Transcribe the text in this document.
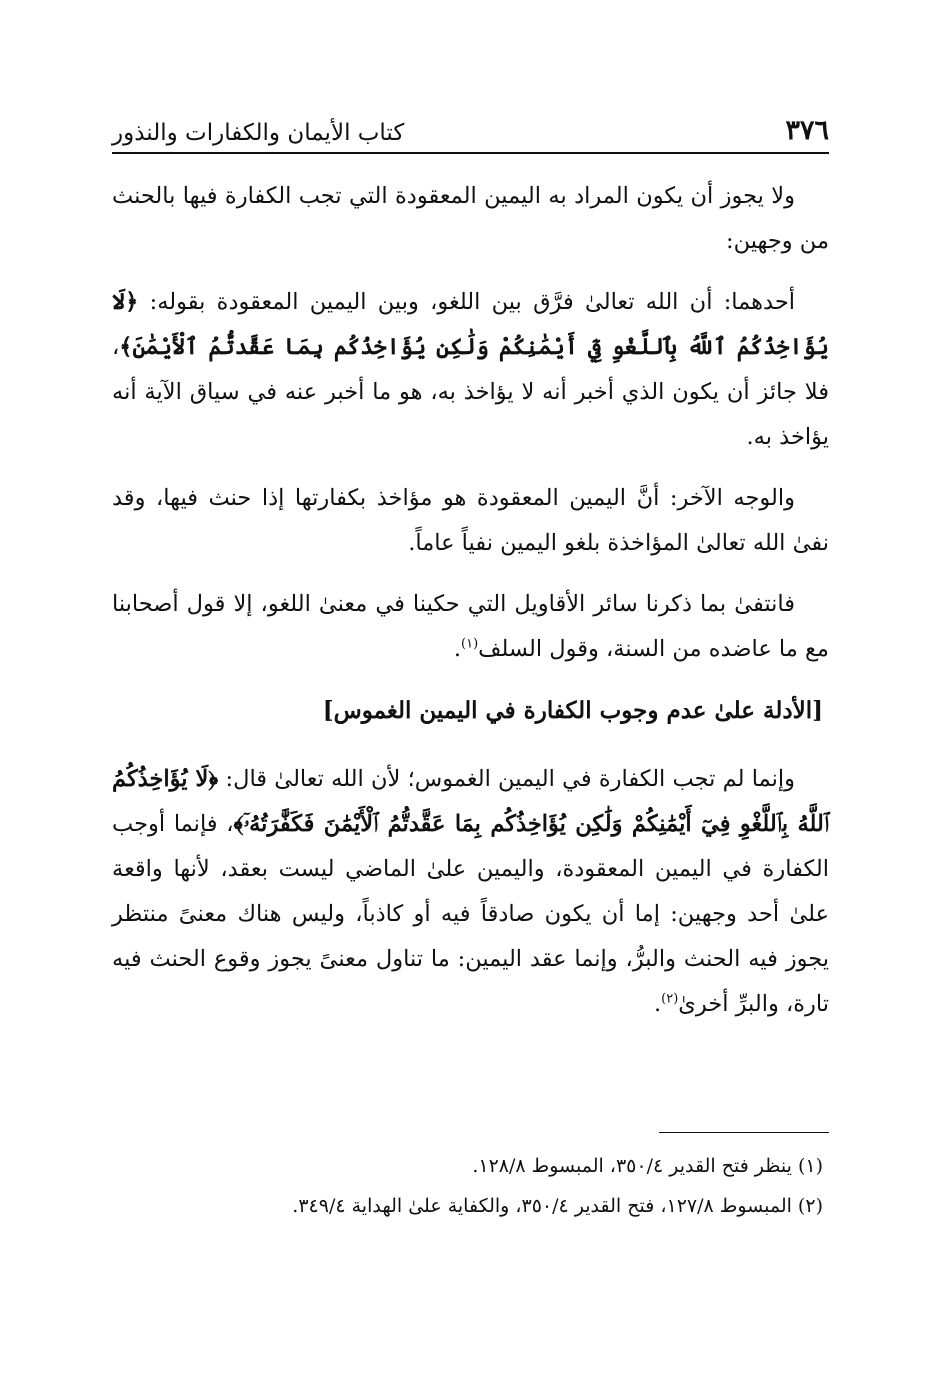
٣٧٦
كتاب الأيمان والكفارات والنذور

ولا يجوز أن يكون المراد به اليمين المعقودة التي تجب الكفارة فيها بالحنث من وجهين:

أحدهما: أن الله تعالىٰ فرَّق بين اللغو، وبين اليمين المعقودة بقوله: ﴿لَا يُؤَاخِذُكُمُ ٱللَّهُ بِٱللَّغْوِ فِيٓ أَيْمَٰنِكُمْ وَلَٰكِن يُؤَاخِذُكُم بِمَا عَقَّدتُّمُ ٱلْأَيْمَٰنَ﴾، فلا جائز أن يكون الذي أخبر أنه لا يؤاخذ به، هو ما أخبر عنه في سياق الآية أنه يؤاخذ به.

والوجه الآخر: أنَّ اليمين المعقودة هو مؤاخذ بكفارتها إذا حنث فيها، وقد نفىٰ الله تعالىٰ المؤاخذة بلغو اليمين نفياً عاماً.

فانتفىٰ بما ذكرنا سائر الأقاويل التي حكينا في معنىٰ اللغو، إلا قول أصحابنا مع ما عاضده من السنة، وقول السلف$^{(١)}$.

[الأدلة علىٰ عدم وجوب الكفارة في اليمين الغموس]

وإنما لم تجب الكفارة في اليمين الغموس؛ لأن الله تعالىٰ قال: ﴿لَا يُؤَاخِذُكُمُ ٱللَّهُ بِٱللَّغْوِ فِيٓ أَيْمَٰنِكُمْ وَلَٰكِن يُؤَاخِذُكُم بِمَا عَقَّدتُّمُ ٱلْأَيْمَٰنَ فَكَفَّٰرَتُهُۥٓ﴾، فإنما أوجب الكفارة في اليمين المعقودة، واليمين علىٰ الماضي ليست بعقد، لأنها واقعة علىٰ أحد وجهين: إما أن يكون صادقاً فيه أو كاذباً، وليس هناك معنىً منتظر يجوز فيه الحنث والبرُّ، وإنما عقد اليمين: ما تناول معنىً يجوز وقوع الحنث فيه تارة، والبرِّ أخرىٰ$^{(٢)}$.

(١) ينظر فتح القدير ٣٥٠/٤، المبسوط ١٢٨/٨.
(٢) المبسوط ١٢٧/٨، فتح القدير ٣٥٠/٤، والكفاية علىٰ الهداية ٣٤٩/٤.
